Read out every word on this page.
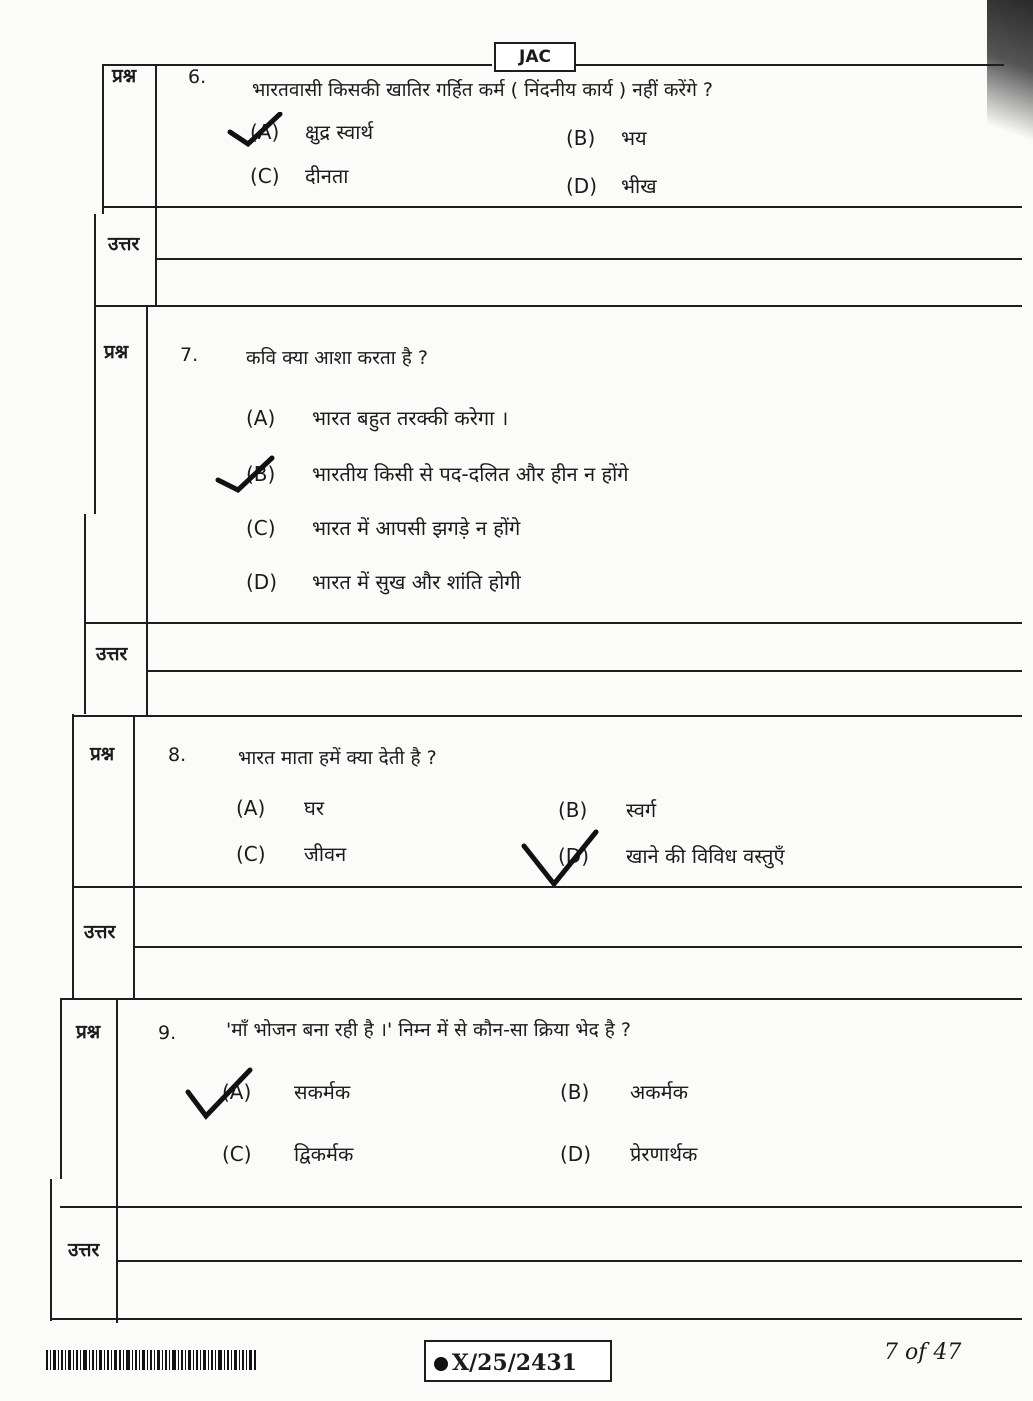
JAC
प्रश्न	6.
भारतवासी किसकी खातिर गर्हित कर्म ( निंदनीय कार्य ) नहीं करेंगे ?
(A) क्षुद्र स्वार्थ	(B) भय
(C) दीनता	(D) भीख
उत्तर
प्रश्न	7.	कवि क्या आशा करता है ?
(A) भारत बहुत तरक्की करेगा ।
(B) भारतीय किसी से पद-दलित और हीन न होंगे
(C) भारत में आपसी झगड़े न होंगे
(D) भारत में सुख और शांति होगी
उत्तर
प्रश्न	8.	भारत माता हमें क्या देती है ?
(A) घर	(B) स्वर्ग
(C) जीवन	(D) खाने की विविध वस्तुएँ
उत्तर
प्रश्न	9.	'माँ भोजन बना रही है ।' निम्न में से कौन-सा क्रिया भेद है ?
(A) सकर्मक	(B) अकर्मक
(C) द्विकर्मक	(D) प्रेरणार्थक
उत्तर
X/25/2431	7 of 47
